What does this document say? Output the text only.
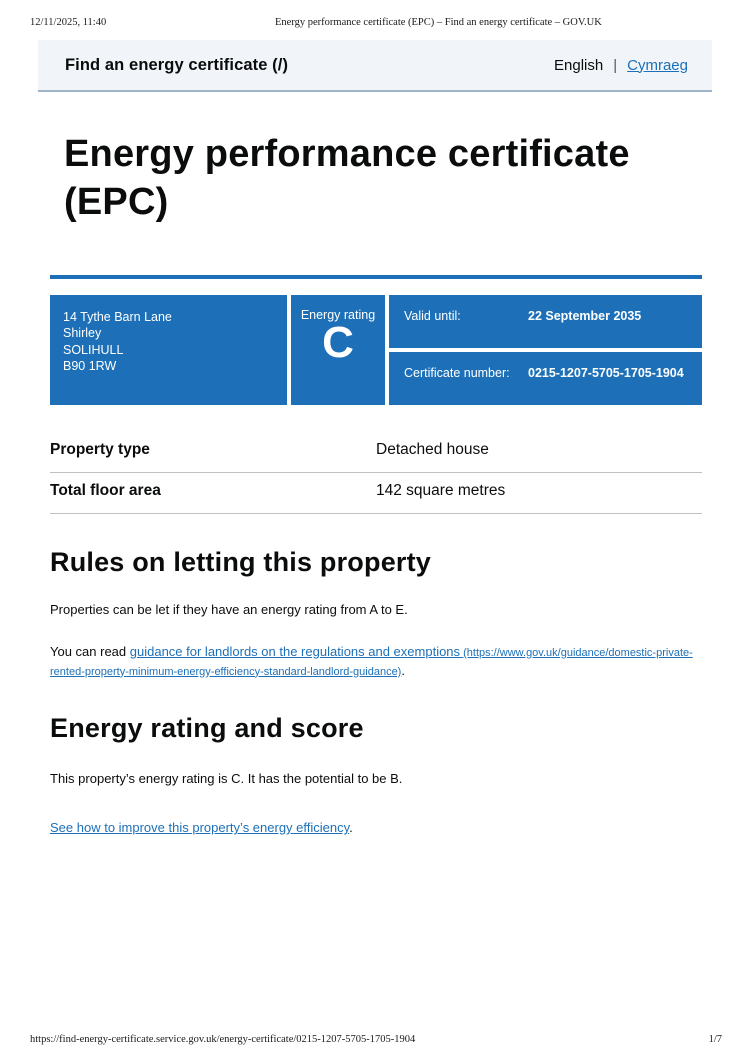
12/11/2025, 11:40	Energy performance certificate (EPC) – Find an energy certificate – GOV.UK
Find an energy certificate (/)	English | Cymraeg
Energy performance certificate (EPC)
14 Tythe Barn Lane
Shirley
SOLIHULL
B90 1RW
Energy rating
C
Valid until:	22 September 2035
Certificate number:	0215-1207-5705-1705-1904
Property type	Detached house
Total floor area	142 square metres
Rules on letting this property

Properties can be let if they have an energy rating from A to E.

You can read guidance for landlords on the regulations and exemptions (https://www.gov.uk/guidance/domestic-private-rented-property-minimum-energy-efficiency-standard-landlord-guidance).

Energy rating and score

This property’s energy rating is C. It has the potential to be B.

See how to improve this property’s energy efficiency.

https://find-energy-certificate.service.gov.uk/energy-certificate/0215-1207-5705-1705-1904	1/7
